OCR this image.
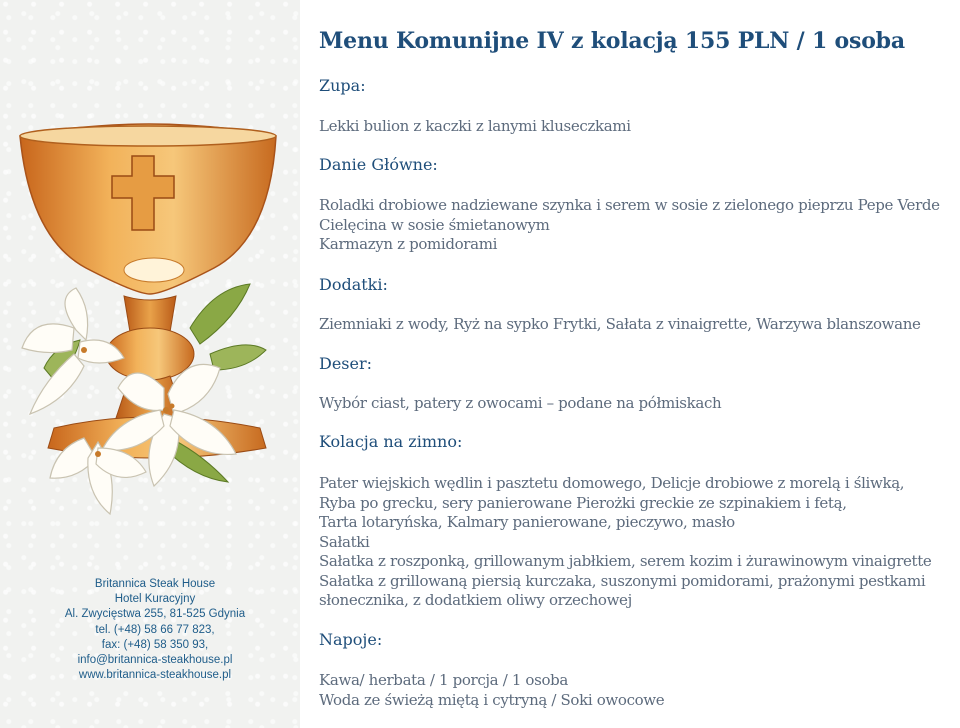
Britannica Steak House
Hotel Kuracyjny
Al. Zwycięstwa 255, 81-525 Gdynia
tel. (+48) 58 66 77 823,
fax: (+48) 58 350 93,
info@britannica-steakhouse.pl
www.britannica-steakhouse.pl
Menu Komunijne IV z kolacją 155 PLN / 1 osoba
Zupa:
Lekki bulion z kaczki z lanymi kluseczkami
Danie Główne:
Roladki drobiowe nadziewane szynka i serem w sosie z zielonego pieprzu Pepe Verde
Cielęcina w sosie śmietanowym
Karmazyn z pomidorami
Dodatki:
Ziemniaki z wody, Ryż na sypko Frytki, Sałata z vinaigrette, Warzywa blanszowane
Deser:
Wybór ciast, patery z owocami – podane na półmiskach
Kolacja na zimno:
Pater wiejskich wędlin i pasztetu domowego, Delicje drobiowe z morelą i śliwką,
Ryba po grecku, sery panierowane Pierożki greckie ze szpinakiem i fetą,
Tarta lotaryńska, Kalmary panierowane, pieczywo, masło
Sałatki
Sałatka z roszponką, grillowanym jabłkiem, serem kozim i żurawinowym vinaigrette
Sałatka z grillowaną piersią kurczaka, suszonymi pomidorami, prażonymi pestkami
słonecznika, z dodatkiem oliwy orzechowej
Napoje:
Kawa/ herbata / 1 porcja / 1 osoba
Woda ze świeżą miętą i cytryną / Soki owocowe
